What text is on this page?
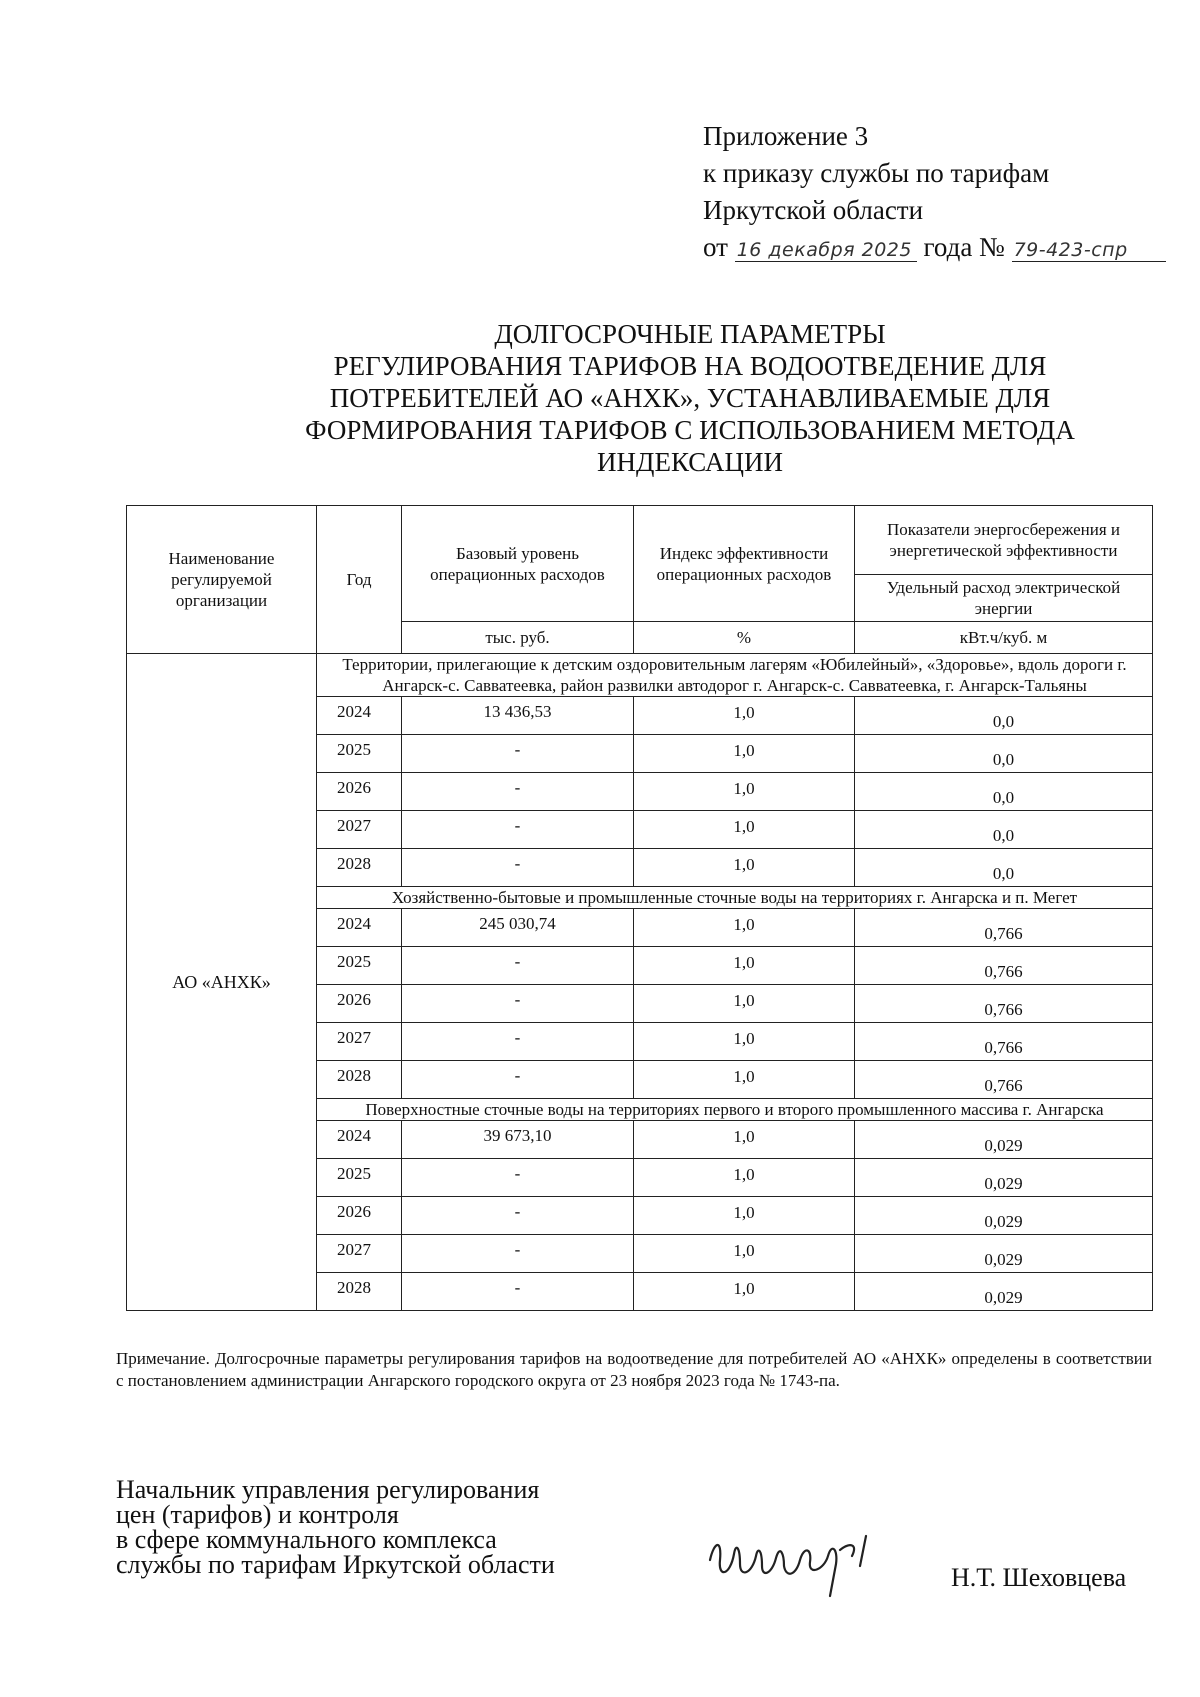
Приложение 3
к приказу службы по тарифам
Иркутской области
от 16 декабря 2025 года № 79-423-спр
ДОЛГОСРОЧНЫЕ ПАРАМЕТРЫ
РЕГУЛИРОВАНИЯ ТАРИФОВ НА ВОДООТВЕДЕНИЕ ДЛЯ
ПОТРЕБИТЕЛЕЙ АО «АНХК», УСТАНАВЛИВАЕМЫЕ ДЛЯ
ФОРМИРОВАНИЯ ТАРИФОВ С ИСПОЛЬЗОВАНИЕМ МЕТОДА
ИНДЕКСАЦИИ
Наименование регулируемой организации	Год	Базовый уровень операционных расходов	Индекс эффективности операционных расходов	Показатели энергосбережения и энергетической эффективности
				Удельный расход электрической энергии
		тыс. руб.	%	кВт.ч/куб. м
АО «АНХК»	Территории, прилегающие к детским оздоровительным лагерям «Юбилейный», «Здоровье», вдоль дороги г. Ангарск-с. Савватеевка, район развилки автодорог г. Ангарск-с. Савватеевка, г. Ангарск-Тальяны			
	2024	13 436,53	1,0	0,0
	2025	-	1,0	0,0
	2026	-	1,0	0,0
	2027	-	1,0	0,0
	2028	-	1,0	0,0
	Хозяйственно-бытовые и промышленные сточные воды на территориях г. Ангарска и п. Мегет			
	2024	245 030,74	1,0	0,766
	2025	-	1,0	0,766
	2026	-	1,0	0,766
	2027	-	1,0	0,766
	2028	-	1,0	0,766
	Поверхностные сточные воды на территориях первого и второго промышленного массива г. Ангарска			
	2024	39 673,10	1,0	0,029
	2025	-	1,0	0,029
	2026	-	1,0	0,029
	2027	-	1,0	0,029
	2028	-	1,0	0,029
Примечание. Долгосрочные параметры регулирования тарифов на водоотведение для потребителей АО «АНХК» определены в соответствии с постановлением администрации Ангарского городского округа от 23 ноября 2023 года № 1743-па.
Начальник управления регулирования
цен (тарифов) и контроля
в сфере коммунального комплекса
службы по тарифам Иркутской области	Н.Т. Шеховцева
